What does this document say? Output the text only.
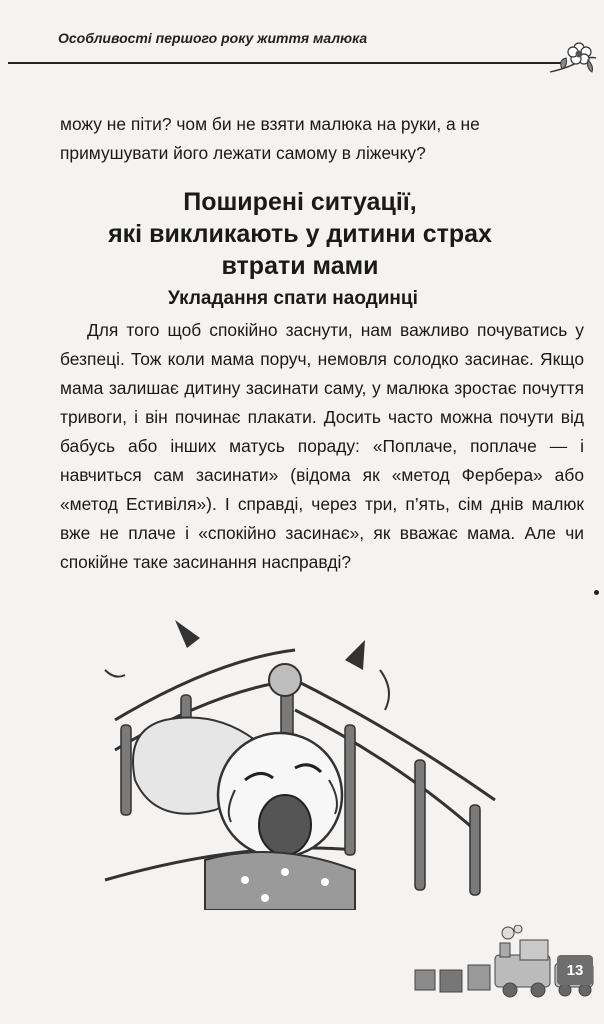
Особливості першого року життя малюка

можу не піти? чом би не взяти малюка на руки, а не примушувати його лежати самому в ліжечку?

Поширені ситуації,
які викликають у дитини страх
втрати мами
Укладання спати наодинці

Для того щоб спокійно заснути, нам важливо почуватись у безпеці. Тож коли мама поруч, немовля солодко засинає. Якщо мама залишає дитину засинати саму, у малюка зростає почуття тривоги, і він починає плакати. Досить часто можна почути від бабусь або інших матусь пораду: «Поплаче, поплаче — і навчиться сам засинати» (відома як «метод Фербера» або «метод Естивіля»). І справді, через три, п’ять, сім днів малюк вже не плаче і «спокійно засинає», як вважає мама. Але чи спокійне таке засинання насправді?

13
